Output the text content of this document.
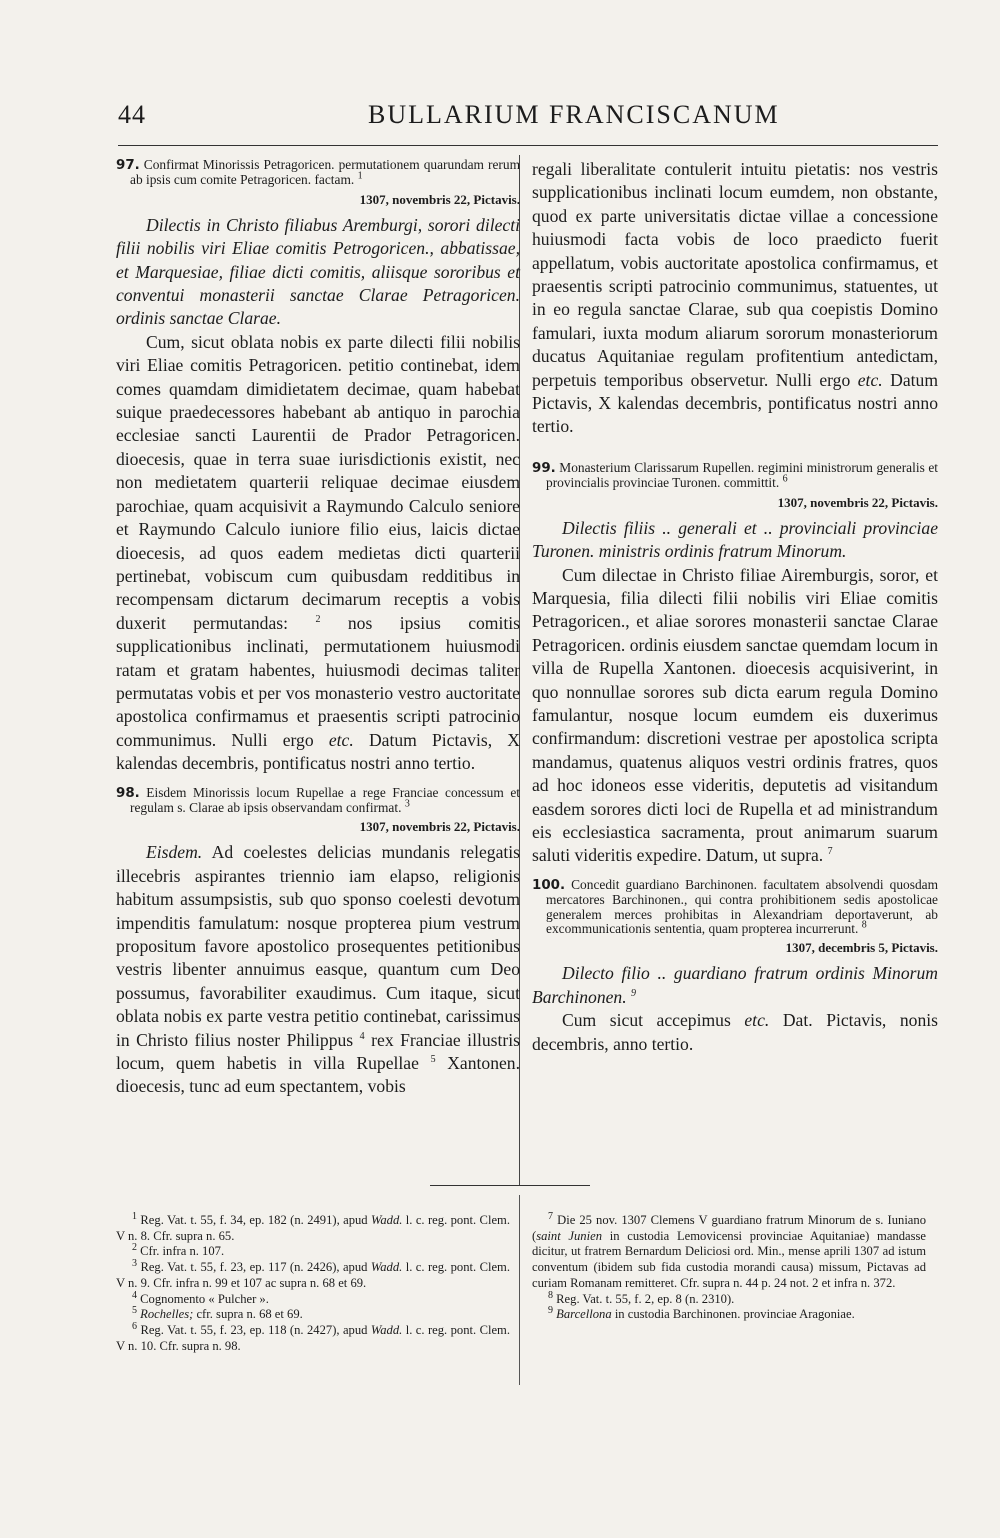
44	BULLARIUM FRANCISCANUM

97. Confirmat Minorissis Petragoricen. permutationem quarundam rerum ab ipsis cum comite Petragoricen. factam. $^1$

1307, novembris 22, Pictavis.

Dilectis in Christo filiabus Aremburgi, sorori dilecti filii nobilis viri Eliae comitis Petrogoricen., abbatissae, et Marquesiae, filiae dicti comitis, aliisque sororibus et conventui monasterii sanctae Clarae Petragoricen. ordinis sanctae Clarae.

Cum, sicut oblata nobis ex parte dilecti filii nobilis viri Eliae comitis Petragoricen. petitio continebat, idem comes quamdam dimidietatem decimae, quam habebat suique praedecessores habebant ab antiquo in parochia ecclesiae sancti Laurentii de Prador Petragoricen. dioecesis, quae in terra suae iurisdictionis existit, nec non medietatem quarterii reliquae decimae eiusdem parochiae, quam acquisivit a Raymundo Calculo seniore et Raymundo Calculo iuniore filio eius, laicis dictae dioecesis, ad quos eadem medietas dicti quarterii pertinebat, vobiscum cum quibusdam redditibus in recompensam dictarum decimarum receptis a vobis duxerit permutandas:	$^2$ nos ipsius comitis supplicationibus inclinati, permutationem huiusmodi ratam et gratam habentes, huiusmodi decimas taliter permutatas vobis et per vos monasterio vestro auctoritate apostolica confirmamus et praesentis scripti patrocinio communimus. Nulli ergo etc. Datum Pictavis, X kalendas decembris, pontificatus nostri anno tertio.

98. Eisdem Minorissis locum Rupellae a rege Franciae concessum et regulam s. Clarae ab ipsis observandam confirmat. $^3$

1307, novembris 22, Pictavis.

Eisdem. Ad coelestes delicias mundanis relegatis illecebris aspirantes triennio iam elapso, religionis habitum assumpsistis, sub quo sponso coelesti devotum impenditis famulatum: nosque propterea pium vestrum propositum favore apostolico prosequentes petitionibus vestris libenter annuimus easque, quantum cum Deo possumus, favorabiliter exaudimus. Cum itaque, sicut oblata nobis ex parte vestra petitio continebat, carissimus in Christo filius noster Philippus $^4$ rex Franciae illustris locum, quem habetis in villa Rupellae $^5$ Xantonen. dioecesis, tunc ad eum spectantem, vobis

regali liberalitate contulerit intuitu pietatis: nos vestris supplicationibus inclinati locum eumdem, non obstante, quod ex parte universitatis dictae villae a concessione huiusmodi facta vobis de loco praedicto fuerit appellatum, vobis auctoritate apostolica confirmamus, et praesentis scripti patrocinio communimus, statuentes, ut in eo regula sanctae Clarae, sub qua coepistis Domino famulari, iuxta modum aliarum sororum monasteriorum ducatus Aquitaniae regulam profitentium antedictam, perpetuis temporibus observetur. Nulli ergo etc. Datum Pictavis, X kalendas decembris, pontificatus nostri anno tertio.

99. Monasterium Clarissarum Rupellen. regimini ministrorum generalis et provincialis provinciae Turonen. committit. $^6$

1307, novembris 22, Pictavis.

Dilectis filiis .. generali et .. provinciali provinciae Turonen. ministris ordinis fratrum Minorum.

Cum dilectae in Christo filiae Airemburgis, soror, et Marquesia, filia dilecti filii nobilis viri Eliae comitis Petragoricen., et aliae sorores monasterii sanctae Clarae Petragoricen. ordinis eiusdem sanctae quemdam locum in villa de Rupella Xantonen. dioecesis acquisiverint, in quo nonnullae sorores sub dicta earum regula Domino famulantur, nosque locum eumdem eis duxerimus confirmandum: discretioni vestrae per apostolica scripta mandamus, quatenus aliquos vestri ordinis fratres, quos ad hoc idoneos esse videritis, deputetis ad visitandum easdem sorores dicti loci de Rupella et ad ministrandum eis ecclesiastica sacramenta, prout animarum suarum saluti videritis expedire. Datum, ut supra. $^7$

100. Concedit guardiano Barchinonen. facultatem absolvendi quosdam mercatores Barchinonen., qui contra prohibitionem sedis apostolicae generalem merces prohibitas in Alexandriam deportaverunt, ab excommunicationis sententia, quam propterea incurrerunt. $^8$

1307, decembris 5, Pictavis.

Dilecto filio .. guardiano fratrum ordinis Minorum Barchinonen. $^9$

Cum sicut accepimus etc. Dat. Pictavis, nonis decembris, anno tertio.

$^1$ Reg. Vat. t. 55, f. 34, ep. 182 (n. 2491), apud Wadd. l. c. reg. pont. Clem. V n. 8. Cfr. supra n. 65.

$^2$ Cfr. infra n. 107.

$^3$ Reg. Vat. t. 55, f. 23, ep. 117 (n. 2426), apud Wadd. l. c. reg. pont. Clem. V n. 9. Cfr. infra n. 99 et 107 ac supra n. 68 et 69.

$^4$ Cognomento « Pulcher ».

$^5$ Rochelles; cfr. supra n. 68 et 69.

$^6$ Reg. Vat. t. 55, f. 23, ep. 118 (n. 2427), apud Wadd. l. c. reg. pont. Clem. V n. 10. Cfr. supra n. 98.

$^7$ Die 25 nov. 1307 Clemens V guardiano fratrum Minorum de s. Iuniano (saint Junien in custodia Lemovicensi provinciae Aquitaniae) mandasse dicitur, ut fratrem Bernardum Deliciosi ord. Min., mense aprili 1307 ad istum conventum (ibidem sub fida custodia morandi causa) missum, Pictavas ad curiam Romanam remitteret. Cfr. supra n. 44 p. 24 not. 2 et infra n. 372.

$^8$ Reg. Vat. t. 55, f. 2, ep. 8 (n. 2310).

$^9$ Barcellona in custodia Barchinonen. provinciae Aragoniae.
